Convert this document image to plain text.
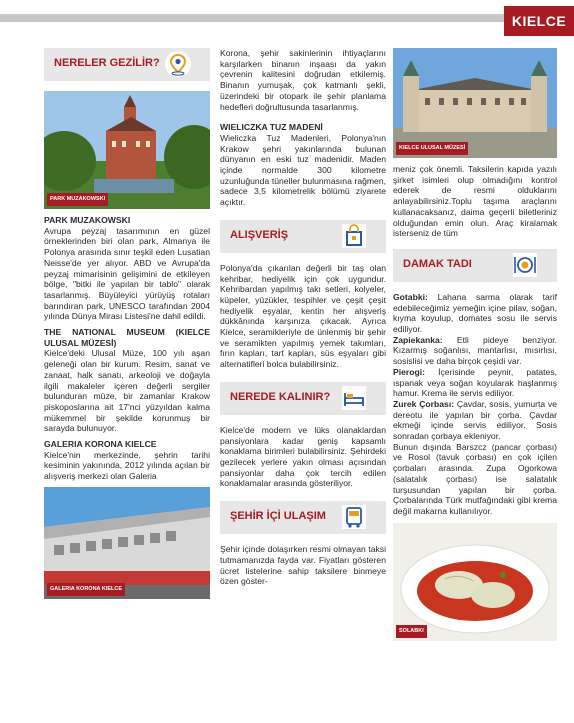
KIELCE
NERELER GEZİLİR?
PARK MUZAKOWSKI
PARK MUZAKOWSKI

Avrupa peyzaj tasarımının en güzel örneklerinden biri olan park, Almanya ile Polonya arasında sınır teşkil eden Lusatian Neisse'de yer alıyor. ABD ve Avrupa'da peyzaj mimarisinin gelişimini de etkileyen bölge, "bitki ile yapılan bir tablo" olarak tasarlanmış. Büyüleyici yürüyüş rotaları barındıran park, UNESCO tarafından 2004 yılında Dünya Mirası Listesi'ne dahil edildi.

THE NATIONAL MUSEUM (KIELCE ULUSAL MÜZESİ)

Kielce'deki Ulusal Müze, 100 yılı aşan geleneği olan bir kurum. Resim, sanat ve zanaat, halk sanatı, arkeoloji ve doğayla ilgili makaleler içeren değerli sergiler bulunduran müze, bir zamanlar Krakow piskoposlarına ait 17'nci yüzyıldan kalma mükemmel bir şekilde korunmuş bir sarayda bulunuyor.

GALERIA KORONA KIELCE

Kielce'nin merkezinde, şehrin tarihi kesiminin yakınında, 2012 yılında açılan bir alışveriş merkezi olan Galeria

GALERIA KORONA KIELCE

Korona, şehir sakinlerinin ihtiyaçlarını karşılarken binanın inşaası da yakın çevrenin kalitesini doğrudan etkilemiş. Binanın yumuşak, çok katmanlı şekli, üzerindeki bir otopark ile şehir planlama hedefleri doğrultusunda tasarlanmış.

WIELICZKA TUZ MADENİ

Wieliczka Tuz Madenleri, Polonya'nın Krakow şehri yakınlarında bulunan dünyanın en eski tuz madenidir. Maden içinde normalde 300 kilometre uzunluğunda tüneller bulunmasına rağmen, sadece 3,5 kilometrelik bölümü ziyarete açıktır.

ALIŞVERİŞ

Polonya'da çıkarılan değerli bir taş olan kehribar, hediyelik için çok uygundur. Kehribardan yapılmış takı setleri, kolyeler, küpeler, yüzükler, tespihler ve çeşit çeşit hediyelik eşyalar, kentin her alışveriş dükkânında karşınıza çıkacak. Ayrıca Kielce, seramikleriyle de ünlenmiş bir şehir ve seramikten yapılmış yemek takımları, fırın kapları, tart kapları, süs eşyaları gibi alternatifleri bolca bulabilirsiniz.

NEREDE KALINIR?

Kielce'de modern ve lüks olanaklardan pansiyonlara kadar geniş kapsamlı konaklama birimleri bulabilirsiniz. Şehirdeki gezilecek yerlere yakın olması açısından pansiyonlar daha çok tercih edilen konaklamalar arasında gösteriliyor.

ŞEHİR İÇİ ULAŞIM

Şehir içinde dolaşırken resmi olmayan taksi tutmamanızda fayda var. Fiyatları gösteren ücret listelerine sahip taksilere binmeye özen göster-

KIELCE ULUSAL MÜZESİ

meniz çok önemli. Taksilerin kapıda yazılı şirket isimleri olup olmadığını kontrol ederek de resmi olduklarını anlayabilirsiniz.Toplu taşıma araçlarını kullanacaksanız, daima geçerli biletleriniz olduğundan emin olun. Araç kiralamak isterseniz de tüm

DAMAK TADI

Gotabki: Lahana sarma olarak tarif edebileceğimiz yemeğin içine pilav, soğan, kıyma koyulup, domates sosu ile servis ediliyor.

Zapiekanka: Etli pideye benziyor. Kızarmış soğanlısı, mantarlısı, mısırlısı, sosislisi ve daha birçok çeşidi var.

Pierogi: İçerisinde peynir, patates, ıspanak veya soğan koyularak haşlanmış hamur. Krema ile servis ediliyor.

Zurek Çorbası: Çavdar, sosis, yumurta ve dereotu ile yapılan bir çorba. Çavdar ekmeği içinde servis ediliyor. Sosis sonradan çorbaya ekleniyor.

Bunun dışında Barszcz (pancar çorbası) ve Rosol (tavuk çorbası) en çok içilen çorbaları arasında. Zupa Ogorkowa (salatalık çorbası) ise salatalık turşusundan yapılan bir çorba. Çorbalarında Türk mutfağındaki gibi krema değil makarna kullanılıyor.

SOLABKI
